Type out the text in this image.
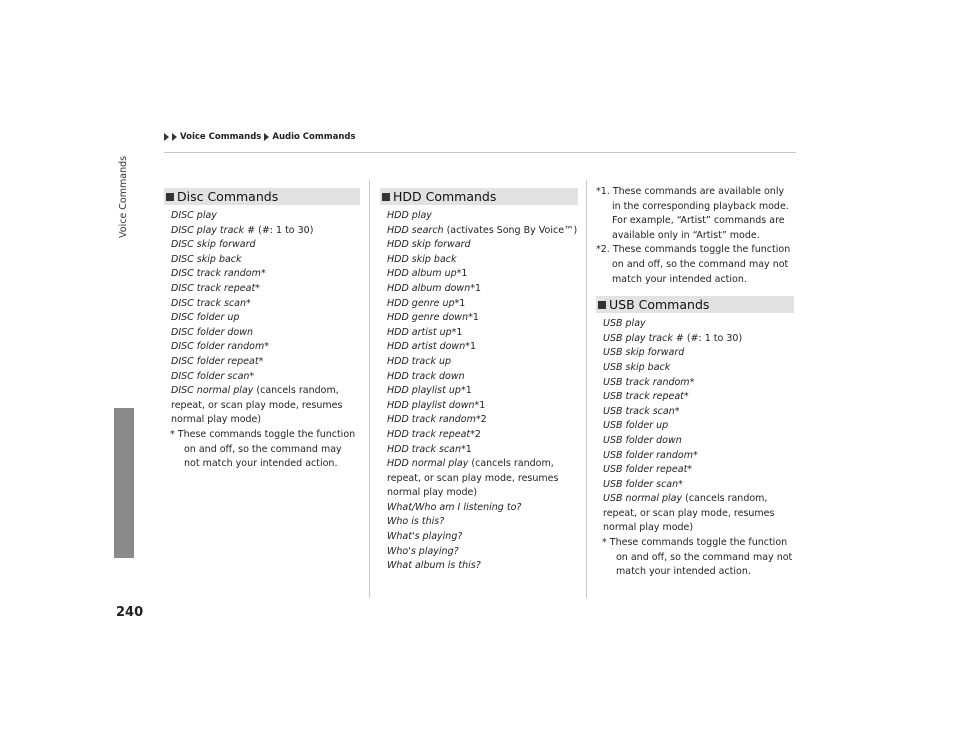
Voice Commands
240
Voice Commands Audio Commands
Disc Commands
DISC play
DISC play track # (#: 1 to 30)
DISC skip forward
DISC skip back
DISC track random*
DISC track repeat*
DISC track scan*
DISC folder up
DISC folder down
DISC folder random*
DISC folder repeat*
DISC folder scan*
DISC normal play (cancels random, repeat, or scan play mode, resumes normal play mode)
* These commands toggle the function on and off, so the command may not match your intended action.
HDD Commands
HDD play
HDD search (activates Song By Voice™)
HDD skip forward
HDD skip back
HDD album up*1
HDD album down*1
HDD genre up*1
HDD genre down*1
HDD artist up*1
HDD artist down*1
HDD track up
HDD track down
HDD playlist up*1
HDD playlist down*1
HDD track random*2
HDD track repeat*2
HDD track scan*1
HDD normal play (cancels random, repeat, or scan play mode, resumes normal play mode)
What/Who am I listening to?
Who is this?
What's playing?
Who's playing?
What album is this?
*1. These commands are available only in the corresponding playback mode. For example, “Artist” commands are available only in “Artist” mode.
*2. These commands toggle the function on and off, so the command may not match your intended action.
USB Commands
USB play
USB play track # (#: 1 to 30)
USB skip forward
USB skip back
USB track random*
USB track repeat*
USB track scan*
USB folder up
USB folder down
USB folder random*
USB folder repeat*
USB folder scan*
USB normal play (cancels random, repeat, or scan play mode, resumes normal play mode)
* These commands toggle the function on and off, so the command may not match your intended action.
